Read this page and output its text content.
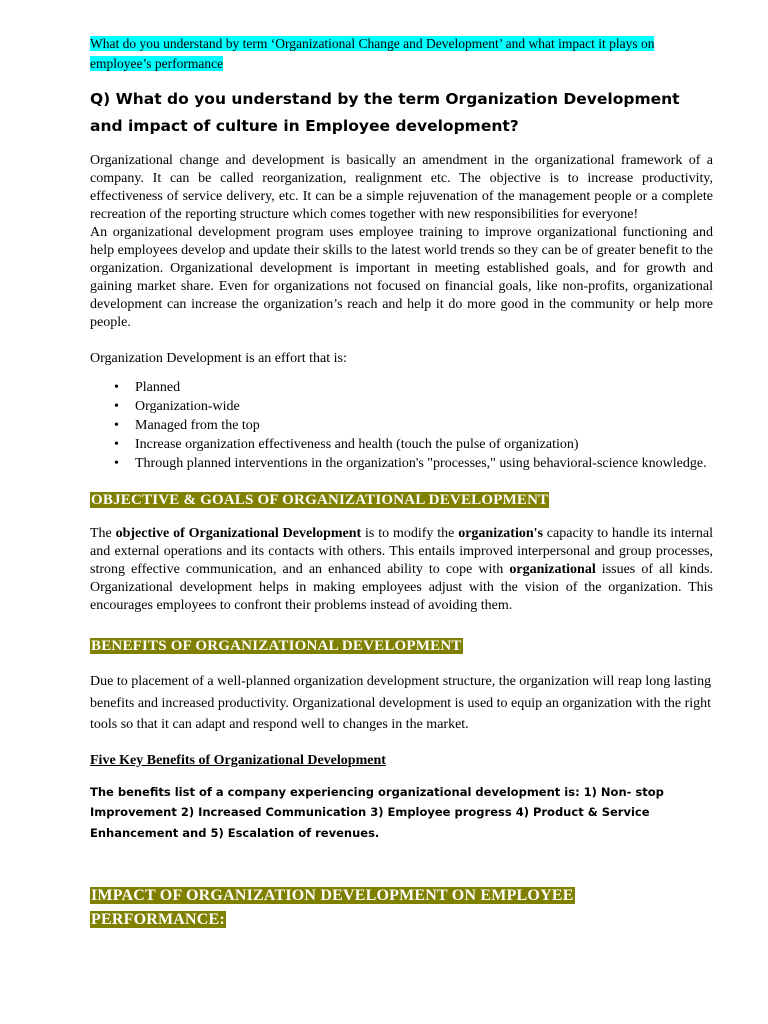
What do you understand by term ‘Organizational Change and Development’ and what impact it plays on employee’s performance
Q) What do you understand by the term Organization Development and impact of culture in Employee development?

Organizational change and development is basically an amendment in the organizational framework of a company. It can be called reorganization, realignment etc. The objective is to increase productivity, effectiveness of service delivery, etc. It can be a simple rejuvenation of the management people or a complete recreation of the reporting structure which comes together with new responsibilities for everyone!

An organizational development program uses employee training to improve organizational functioning and help employees develop and update their skills to the latest world trends so they can be of greater benefit to the organization. Organizational development is important in meeting established goals, and for growth and gaining market share. Even for organizations not focused on financial goals, like non-profits, organizational development can increase the organization’s reach and help it do more good in the community or help more people.

Organization Development is an effort that is:

• Planned
• Organization-wide
• Managed from the top
• Increase organization effectiveness and health (touch the pulse of organization)
• Through planned interventions in the organization's "processes," using behavioral-science knowledge.
OBJECTIVE & GOALS OF ORGANIZATIONAL DEVELOPMENT

The objective of Organizational Development is to modify the organization's capacity to handle its internal and external operations and its contacts with others. This entails improved interpersonal and group processes, strong effective communication, and an enhanced ability to cope with organizational issues of all kinds. Organizational development helps in making employees adjust with the vision of the organization. This encourages employees to confront their problems instead of avoiding them.

BENEFITS OF ORGANIZATIONAL DEVELOPMENT

Due to placement of a well-planned organization development structure, the organization will reap long lasting benefits and increased productivity. Organizational development is used to equip an organization with the right tools so that it can adapt and respond well to changes in the market.

Five Key Benefits of Organizational Development

The benefits list of a company experiencing organizational development is: 1) Non- stop Improvement 2) Increased Communication 3) Employee progress 4) Product & Service Enhancement and 5) Escalation of revenues.

IMPACT OF ORGANIZATION DEVELOPMENT ON EMPLOYEE
PERFORMANCE:
